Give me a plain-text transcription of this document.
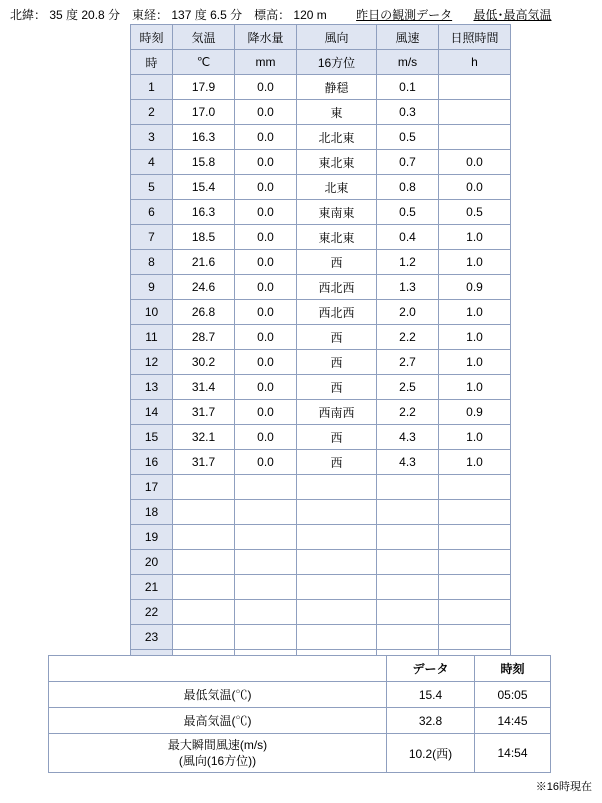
北緯： 35 度 20.8 分　東経： 137 度 6.5 分　標高： 120 m 昨日の観測データ 最低･最高気温
時刻	気温	降水量	風向	風速	日照時間
時	℃	mm	16方位	m/s	h
1	17.9	0.0	静穏	0.1	
2	17.0	0.0	東	0.3	
3	16.3	0.0	北北東	0.5	
4	15.8	0.0	東北東	0.7	0.0
5	15.4	0.0	北東	0.8	0.0
6	16.3	0.0	東南東	0.5	0.5
7	18.5	0.0	東北東	0.4	1.0
8	21.6	0.0	西	1.2	1.0
9	24.6	0.0	西北西	1.3	0.9
10	26.8	0.0	西北西	2.0	1.0
11	28.7	0.0	西	2.2	1.0
12	30.2	0.0	西	2.7	1.0
13	31.4	0.0	西	2.5	1.0
14	31.7	0.0	西南西	2.2	0.9
15	32.1	0.0	西	4.3	1.0
16	31.7	0.0	西	4.3	1.0
17					
18					
19					
20					
21					
22					
23					

	データ	時刻
最低気温(℃)	15.4	05:05
最高気温(℃)	32.8	14:45

最大瞬間風速(m/s)
(風向(16方位))	10.2(西)	14:54
※16時現在
